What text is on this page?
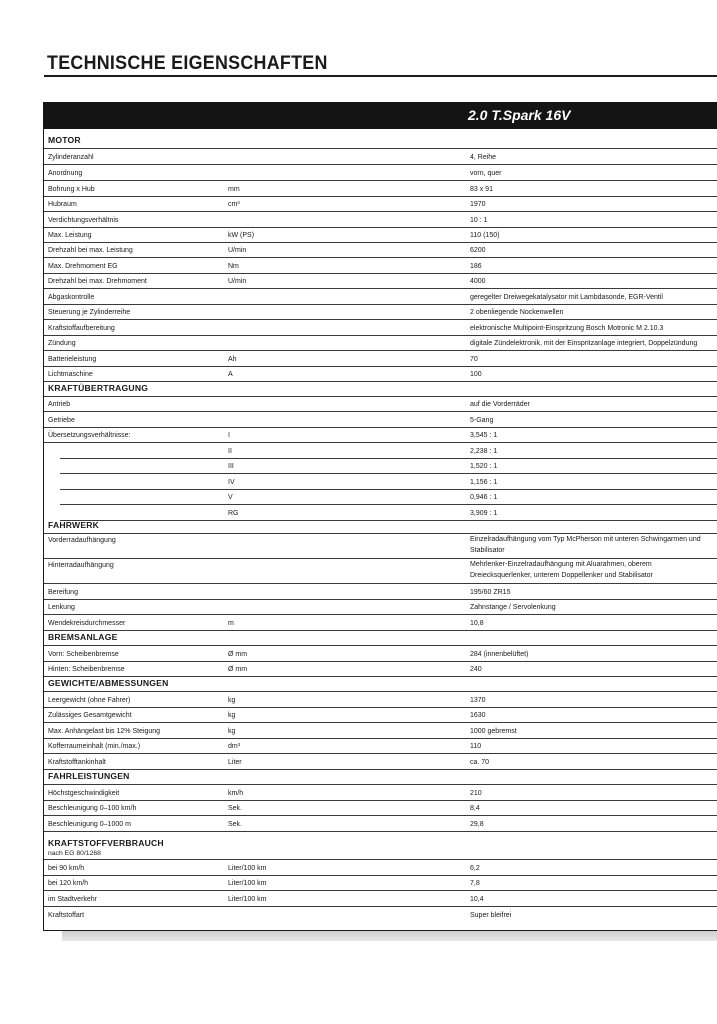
TECHNISCHE EIGENSCHAFTEN
2.0 T.Spark 16V
MOTOR
Zylinderanzahl	4, Reihe
Anordnung	vorn, quer
Bohrung x Hub	mm	83 x 91
Hubraum	cm³	1970
Verdichtungsverhältnis	10 : 1
Max. Leistung	kW (PS)	110 (150)
Drehzahl bei max. Leistung	U/min	6200
Max. Drehmoment EG	Nm	186
Drehzahl bei max. Drehmoment	U/min	4000
Abgaskontrolle	geregelter Dreiwegekatalysator mit Lambdasonde, EGR-Ventil
Steuerung je Zylinderreihe	2 obenliegende Nockenwellen
Kraftstoffaufbereitung	elektronische Multipoint-Einspritzung Bosch Motronic M 2.10.3
Zündung	digitale Zündelektronik, mit der Einspritzanlage integriert, Doppelzündung
Batterieleistung	Ah	70
Lichtmaschine	A	100
KRAFTÜBERTRAGUNG
Antrieb	auf die Vorderräder
Getriebe	5-Gang
Übersetzungsverhältnisse:	I	3,545 : 1
II	2,238 : 1
III	1,520 : 1
IV	1,156 : 1
V	0,946 : 1
RG	3,909 : 1
FAHRWERK
Vorderradaufhängung	Einzelradaufhängung vom Typ McPherson mit unteren Schwingarmen und Stabilisator
Hinterradaufhängung	Mehrlenker-Einzelradaufhängung mit Aluarahmen, oberem Dreiecksquerlenker, unterem Doppellenker und Stabilisator
Bereifung	195/60 ZR15
Lenkung	Zahnstange / Servolenkung
Wendekreisdurchmesser	m	10,8
BREMSANLAGE
Vorn: Scheibenbremse	Ø mm	284 (innenbelüftet)
Hinten: Scheibenbremse	Ø mm	240
GEWICHTE/ABMESSUNGEN
Leergewicht (ohne Fahrer)	kg	1370
Zulässiges Gesamtgewicht	kg	1630
Max. Anhängelast bis 12% Steigung	kg	1000 gebremst
Kofferraumeinhalt (min./max.)	dm³	110
Kraftstofftankinhalt	Liter	ca. 70
FAHRLEISTUNGEN
Höchstgeschwindigkeit	km/h	210
Beschleunigung 0–100 km/h	Sek.	8,4
Beschleunigung 0–1000 m	Sek.	29,8
KRAFTSTOFFVERBRAUCH
nach EG 80/1268
bei 90 km/h	Liter/100 km	6,2
bei 120 km/h	Liter/100 km	7,8
im Stadtverkehr	Liter/100 km	10,4
Kraftstoffart	Super bleifrei
